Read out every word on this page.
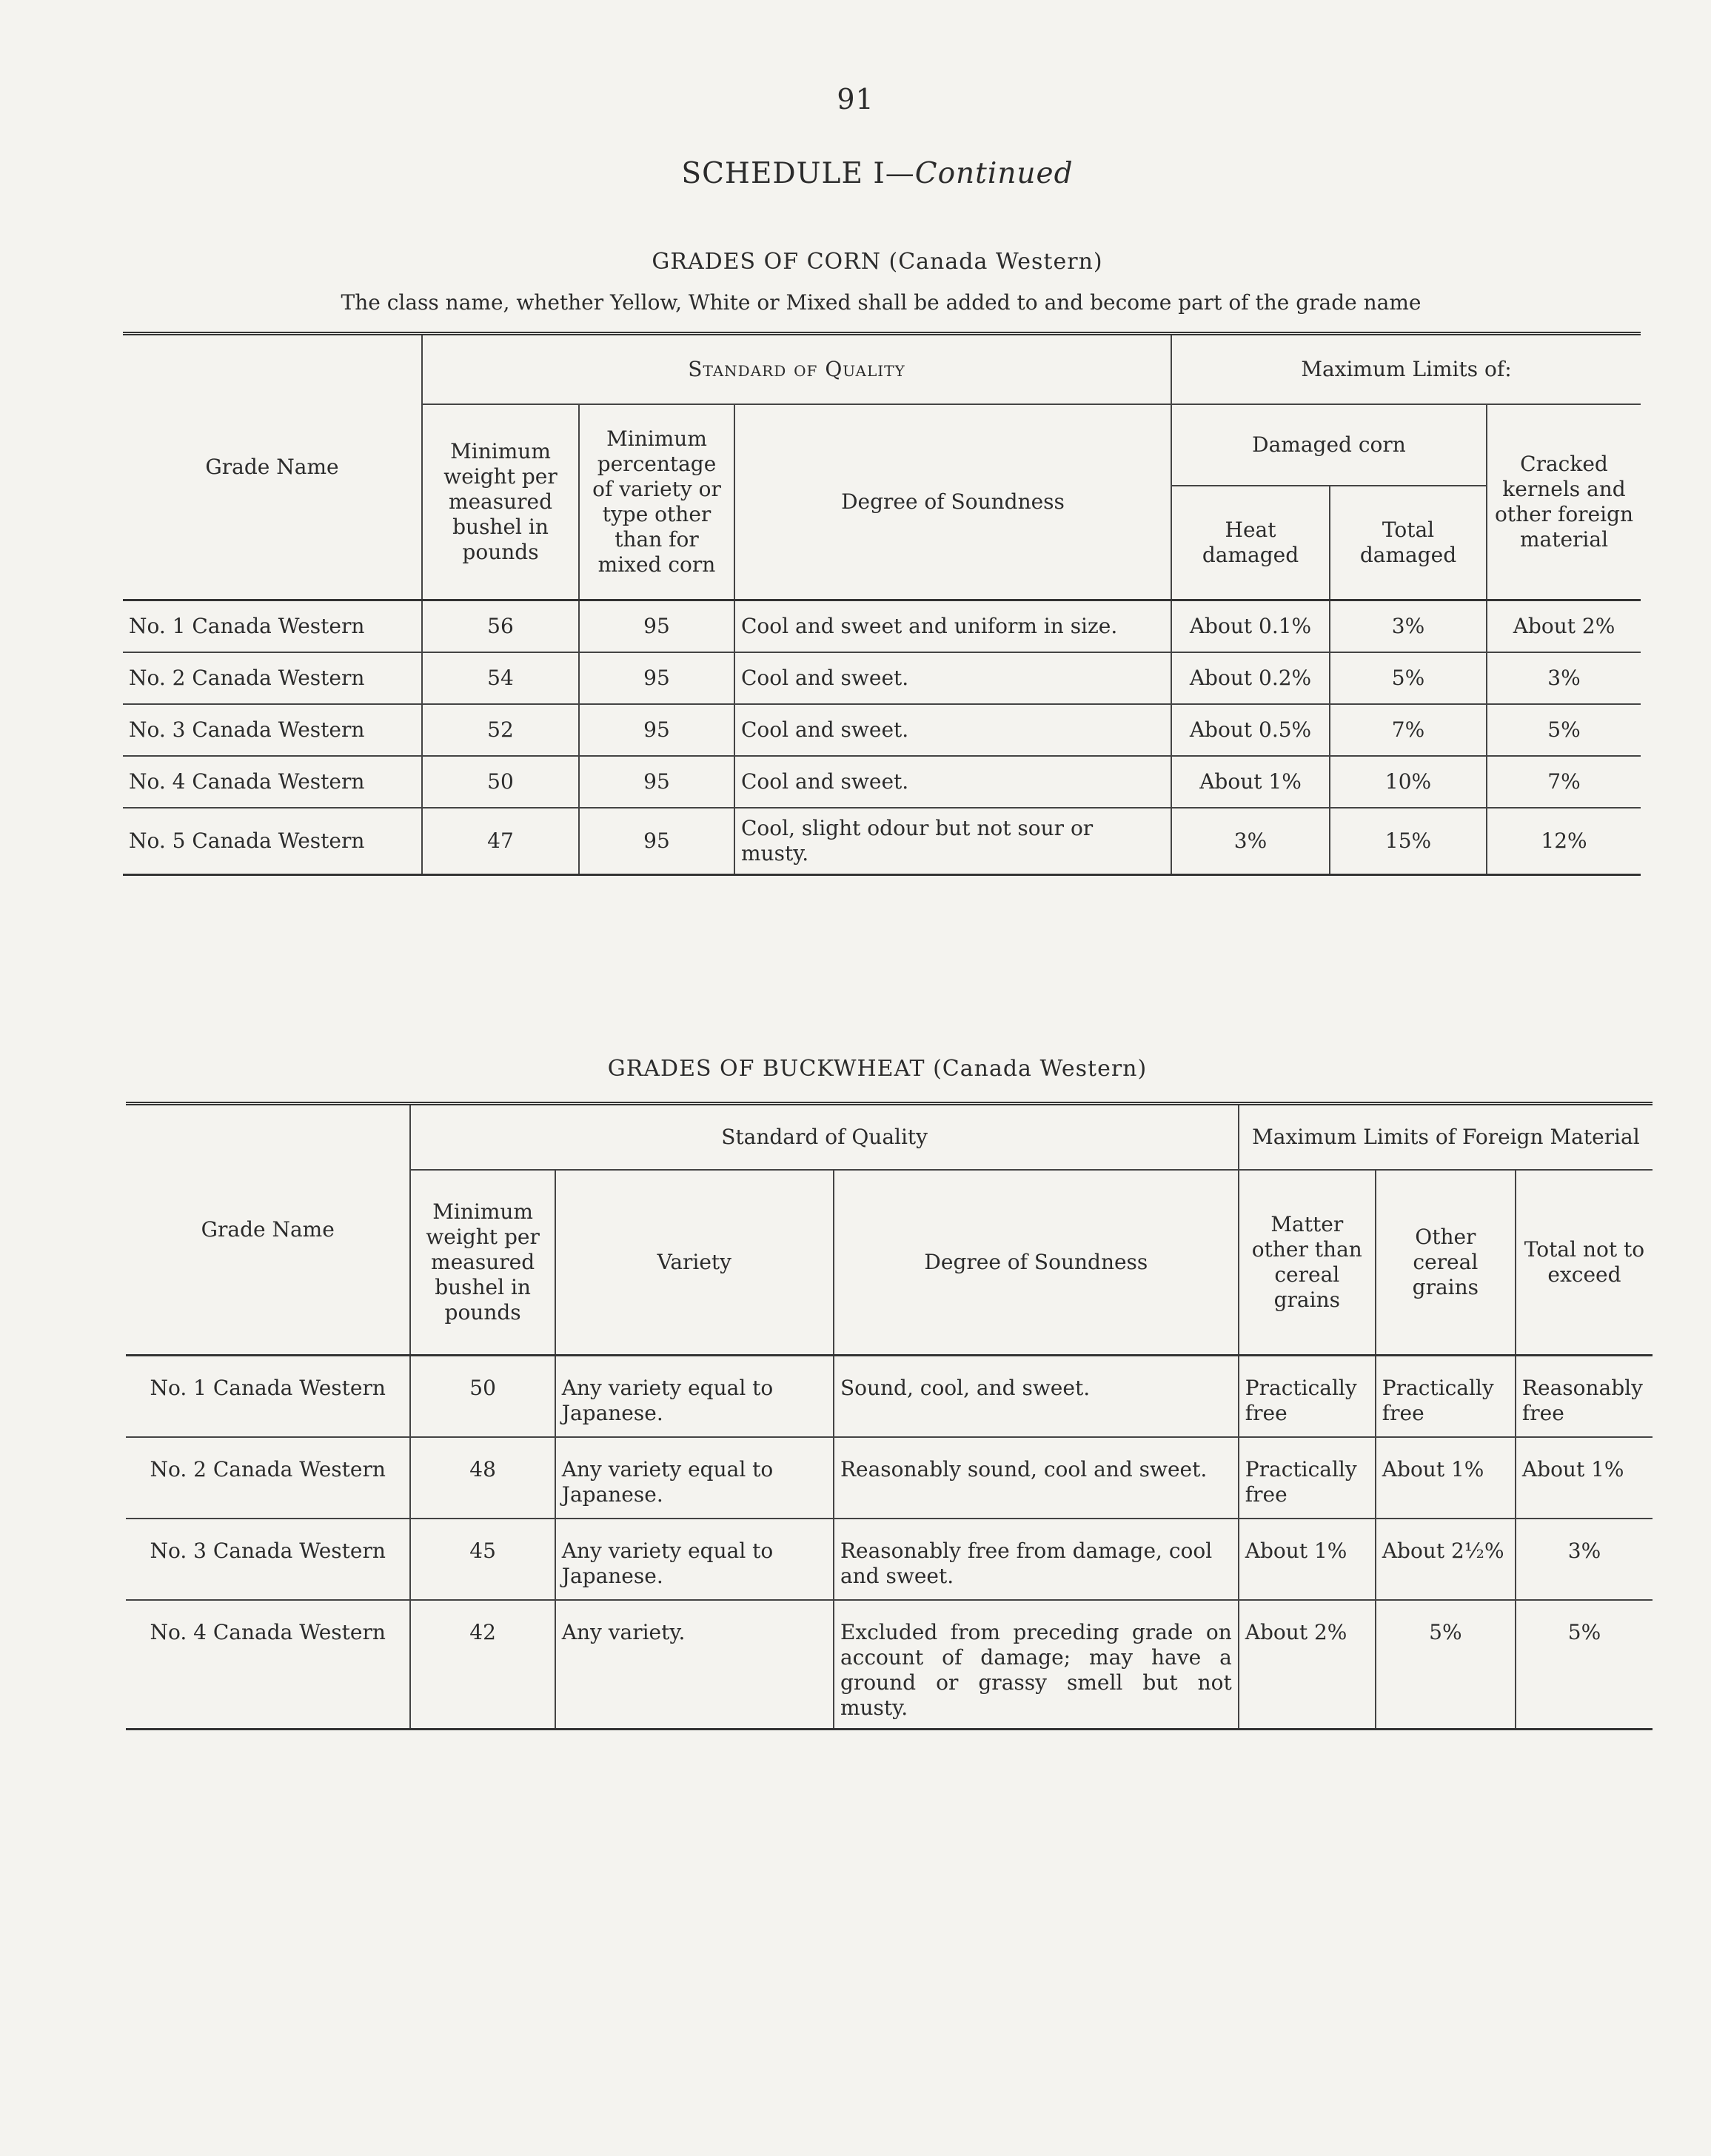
91
SCHEDULE I—Continued
GRADES OF CORN (Canada Western)
The class name, whether Yellow, White or Mixed shall be added to and become part of the grade name
Grade Name	Standard of Quality			Maximum Limits of:		
	Minimum weight per measured bushel in pounds	Minimum percentage of variety or type other than for mixed corn	Degree of Soundness	Damaged corn		Cracked kernels and other foreign material
				Heat damaged	Total damaged	
No. 1 Canada Western	56	95	Cool and sweet and uniform in size.	About 0.1%	3%	About 2%
No. 2 Canada Western	54	95	Cool and sweet.	About 0.2%	5%	3%
No. 3 Canada Western	52	95	Cool and sweet.	About 0.5%	7%	5%
No. 4 Canada Western	50	95	Cool and sweet.	About 1%	10%	7%
No. 5 Canada Western	47	95	Cool, slight odour but not sour or musty.	3%	15%	12%
GRADES OF BUCKWHEAT (Canada Western)
Grade Name	Standard of Quality			Maximum Limits of Foreign Material		
	Minimum weight per measured bushel in pounds	Variety	Degree of Soundness	Matter other than cereal grains	Other cereal grains	Total not to exceed
No. 1 Canada Western	50	Any variety equal to Japanese.	Sound, cool, and sweet.	Practically free	Practically free	Reasonably free
No. 2 Canada Western	48	Any variety equal to Japanese.	Reasonably sound, cool and sweet.	Practically free	About 1%	About 1%
No. 3 Canada Western	45	Any variety equal to Japanese.	Reasonably free from damage, cool and sweet.	About 1%	About 2½%	3%
No. 4 Canada Western	42	Any variety.	Excluded from preceding grade on account of damage; may have a ground or grassy smell but not musty.	About 2%	5%	5%
